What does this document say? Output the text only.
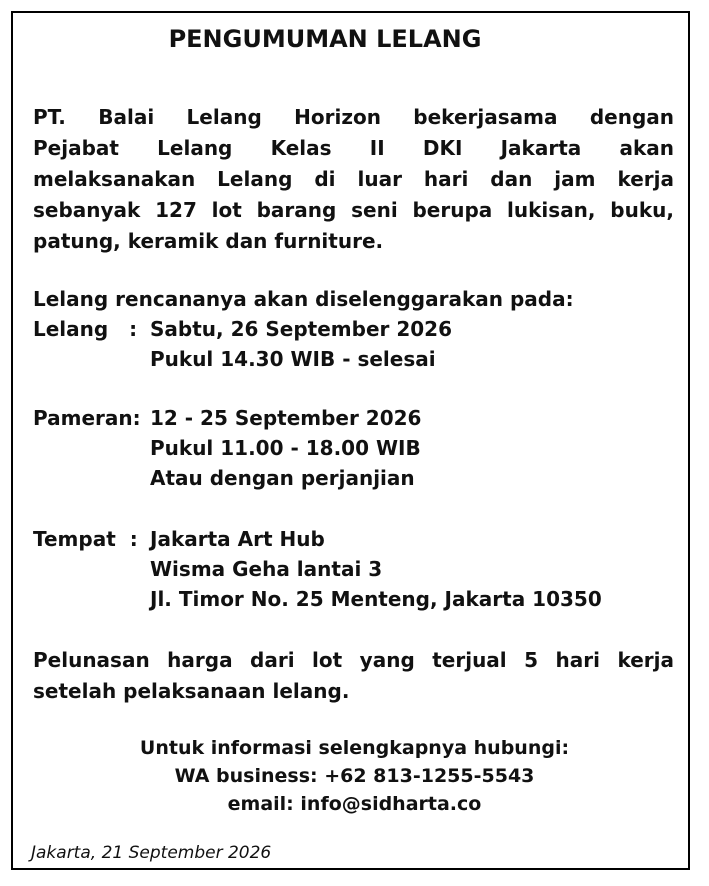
PENGUMUMAN LELANG
PT. Balai Lelang Horizon bekerjasama dengan
Pejabat Lelang Kelas II DKI Jakarta akan
melaksanakan Lelang di luar hari dan jam kerja
sebanyak 127 lot barang seni berupa lukisan, buku,
patung, keramik dan furniture.
Lelang rencananya akan diselenggarakan pada:
Lelang   : Sabtu, 26 September 2026
Pukul 14.30 WIB - selesai
Pameran: 12 - 25 September 2026
Pukul 11.00 - 18.00 WIB
Atau dengan perjanjian
Tempat  : Jakarta Art Hub
Wisma Geha lantai 3
Jl. Timor No. 25 Menteng, Jakarta 10350
Pelunasan harga dari lot yang terjual 5 hari kerja
setelah pelaksanaan lelang.
Untuk informasi selengkapnya hubungi:
WA business: +62 813-1255-5543
email: info@sidharta.co
Jakarta, 21 September 2026
